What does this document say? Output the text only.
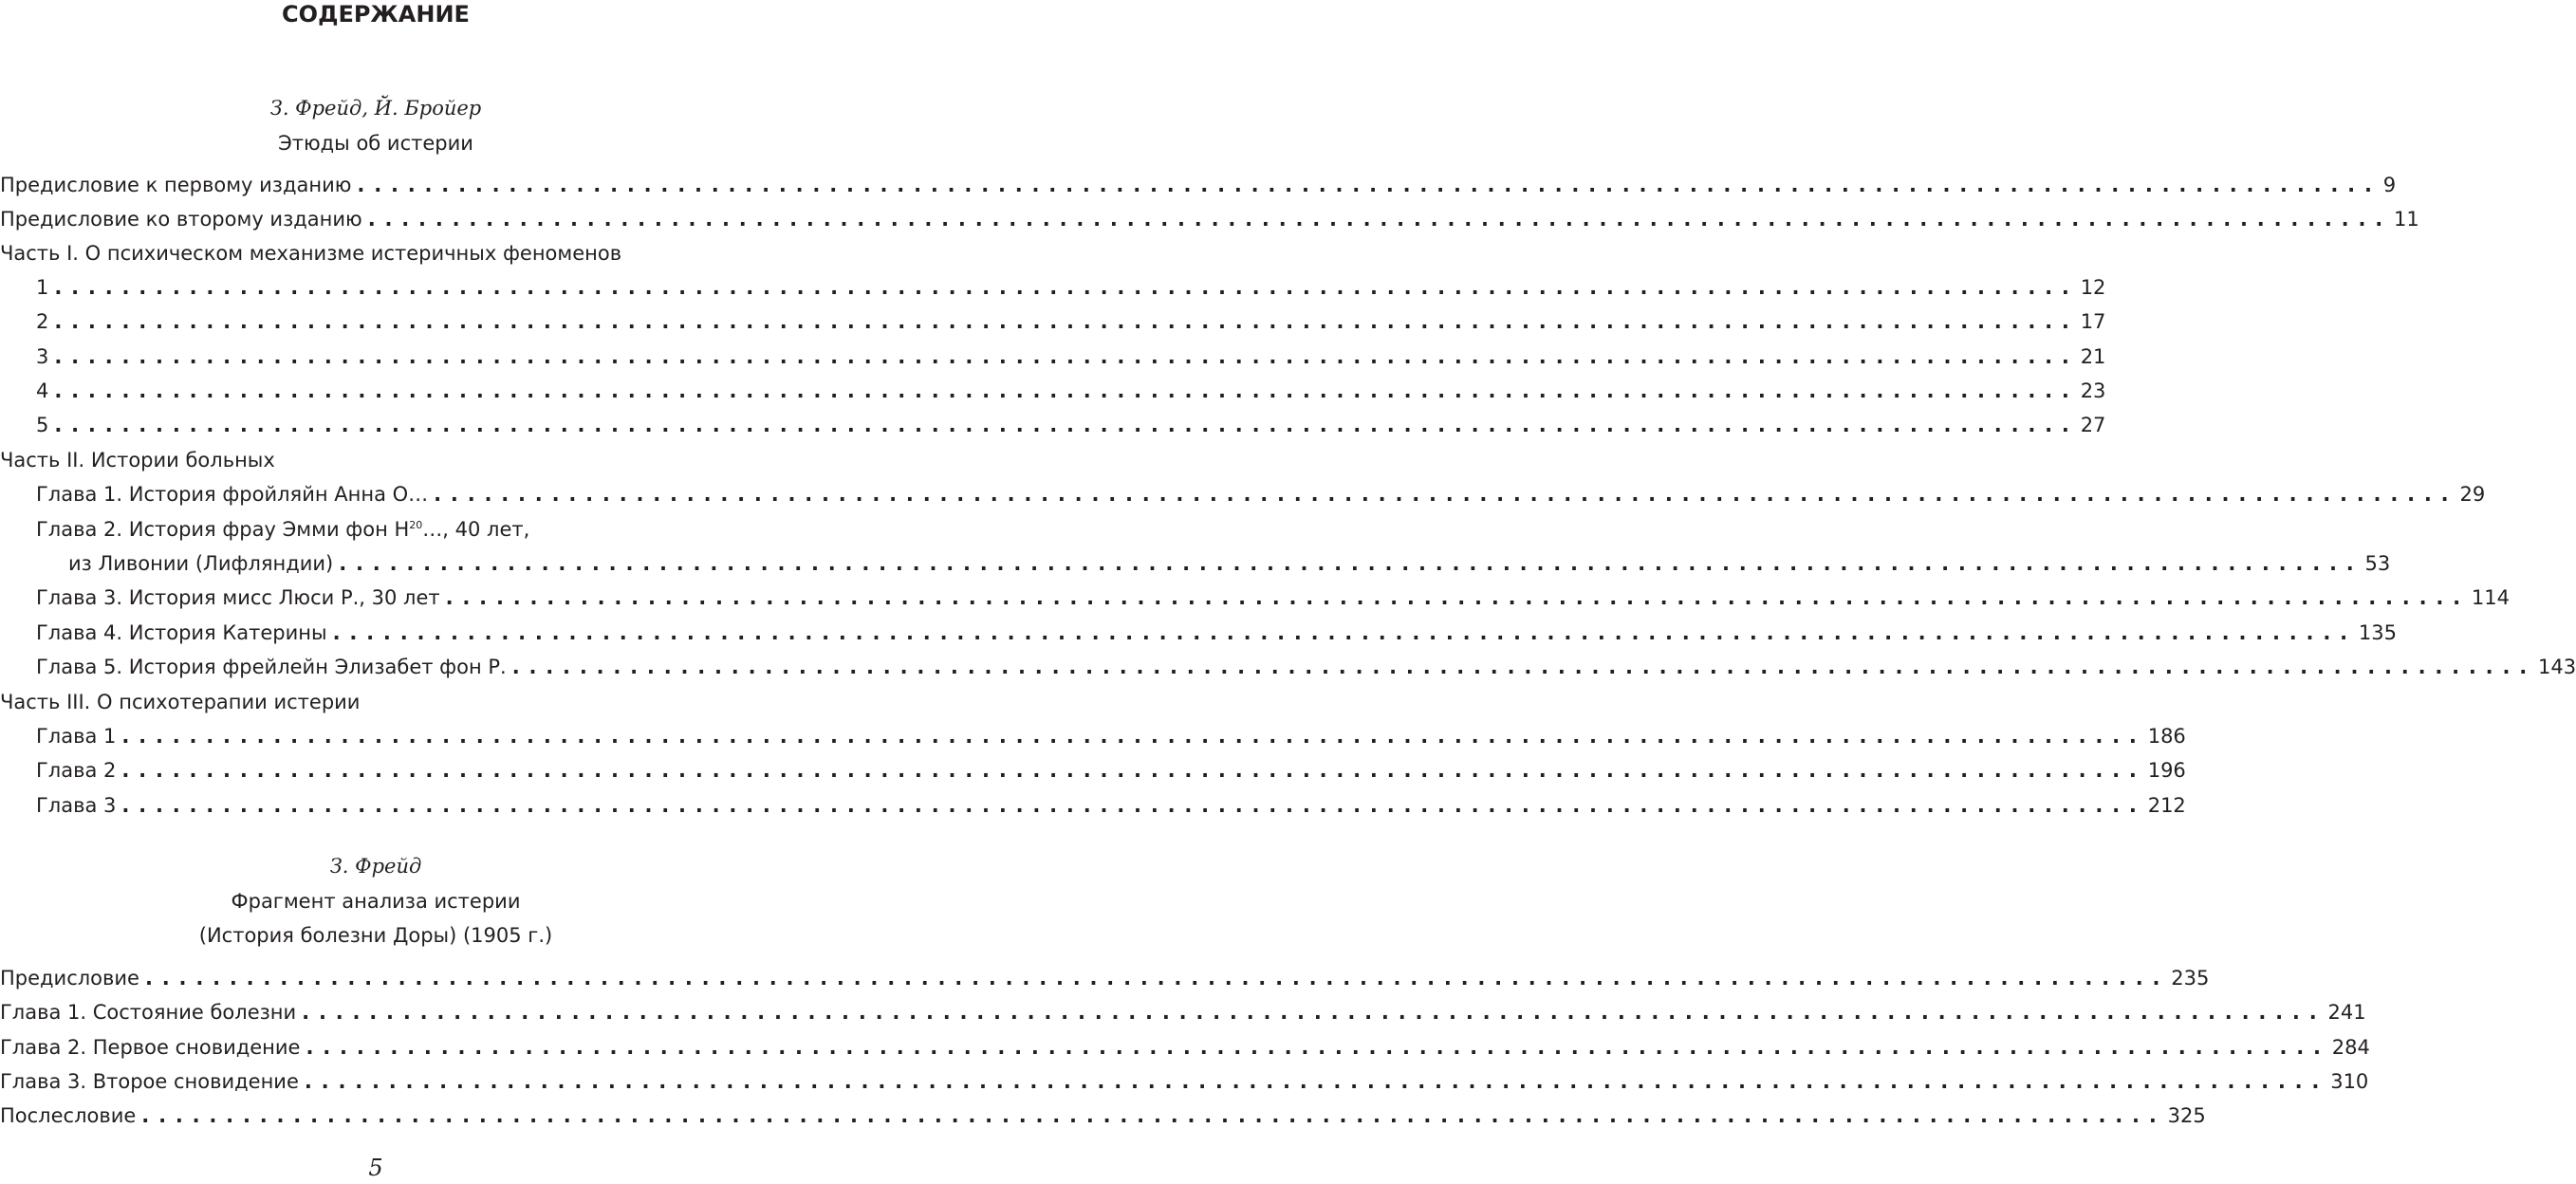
СОДЕРЖАНИЕ
З. Фрейд, Й. Бройер
Этюды об истерии
Предисловие к первому изданию ........................................................................................................................ 9
Предисловие ко второму изданию ........................................................................................................................ 11
Часть I. О психическом механизме истеричных феноменов
1 ........................................................................................................................ 12
2 ........................................................................................................................ 17
3 ........................................................................................................................ 21
4 ........................................................................................................................ 23
5 ........................................................................................................................ 27
Часть II. Истории больных
Глава 1. История фройляйн Анна О… ........................................................................................................................ 29
Глава 2. История фрау Эмми фон $Н^{20}\dots$, 40 лет,
из Ливонии (Лифляндии) ........................................................................................................................ 53
Глава 3. История мисс Люси Р., 30 лет ........................................................................................................................ 114
Глава 4. История Катерины ........................................................................................................................ 135
Глава 5. История фрейлейн Элизабет фон Р. ........................................................................................................................ 143
Часть III. О психотерапии истерии
Глава 1 ........................................................................................................................ 186
Глава 2 ........................................................................................................................ 196
Глава 3 ........................................................................................................................ 212
З. Фрейд
Фрагмент анализа истерии
(История болезни Доры) (1905 г.)
Предисловие ........................................................................................................................ 235
Глава 1. Состояние болезни ........................................................................................................................ 241
Глава 2. Первое сновидение ........................................................................................................................ 284
Глава 3. Второе сновидение ........................................................................................................................ 310
Послесловие ........................................................................................................................ 325
5
